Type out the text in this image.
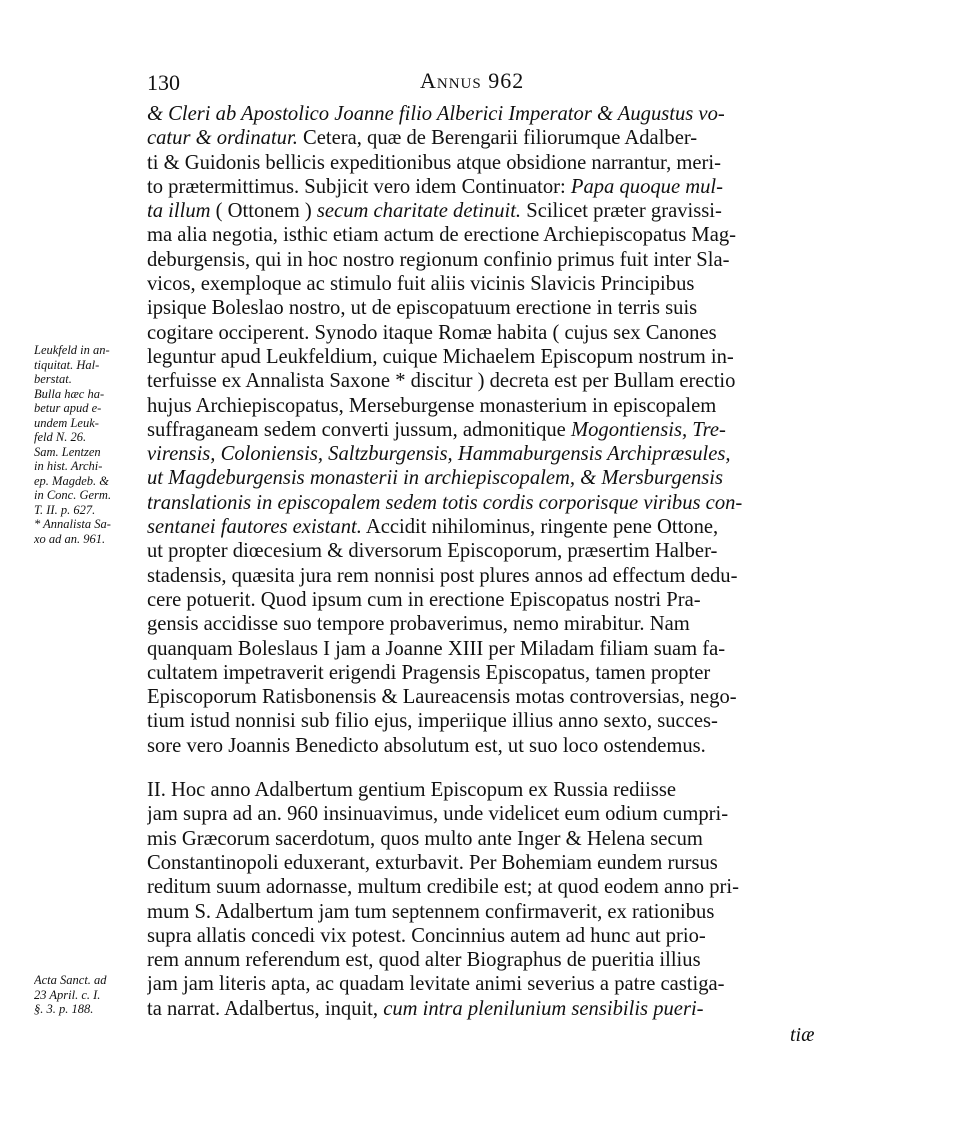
130	Annus 962
& Cleri ab Apostolico Joanne filio Alberici Imperator & Augustus vo-
catur & ordinatur. Cetera, quæ de Berengarii filiorumque Adalber-
ti & Guidonis bellicis expeditionibus atque obsidione narrantur, meri-
to prætermittimus. Subjicit vero idem Continuator: Papa quoque mul-
ta illum ( Ottonem ) secum charitate detinuit. Scilicet præter gravissi-
ma alia negotia, isthic etiam actum de erectione Archiepiscopatus Mag-
deburgensis, qui in hoc nostro regionum confinio primus fuit inter Sla-
vicos, exemploque ac stimulo fuit aliis vicinis Slavicis Principibus
ipsique Boleslao nostro, ut de episcopatuum erectione in terris suis
cogitare occiperent. Synodo itaque Romæ habita ( cujus sex Canones
leguntur apud Leukfeldium, cuique Michaelem Episcopum nostrum in-
terfuisse ex Annalista Saxone * discitur ) decreta est per Bullam erectio
hujus Archiepiscopatus, Merseburgense monasterium in episcopalem
suffraganeam sedem converti jussum, admonitique Mogontiensis, Tre-
virensis, Coloniensis, Saltzburgensis, Hammaburgensis Archipræsules,
ut Magdeburgensis monasterii in archiepiscopalem, & Mersburgensis
translationis in episcopalem sedem totis cordis corporisque viribus con-
sentanei fautores existant. Accidit nihilominus, ringente pene Ottone,
ut propter diœcesium & diversorum Episcoporum, præsertim Halber-
stadensis, quæsita jura rem nonnisi post plures annos ad effectum dedu-
cere potuerit. Quod ipsum cum in erectione Episcopatus nostri Pra-
gensis accidisse suo tempore probaverimus, nemo mirabitur. Nam
quanquam Boleslaus I jam a Joanne XIII per Miladam filiam suam fa-
cultatem impetraverit erigendi Pragensis Episcopatus, tamen propter
Episcoporum Ratisbonensis & Laureacensis motas controversias, nego-
tium istud nonnisi sub filio ejus, imperiique illius anno sexto, succes-
sore vero Joannis Benedicto absolutum est, ut suo loco ostendemus.
II. Hoc anno Adalbertum gentium Episcopum ex Russia rediisse
jam supra ad an. 960 insinuavimus, unde videlicet eum odium cumpri-
mis Græcorum sacerdotum, quos multo ante Inger & Helena secum
Constantinopoli eduxerant, exturbavit. Per Bohemiam eundem rursus
reditum suum adornasse, multum credibile est; at quod eodem anno pri-
mum S. Adalbertum jam tum septennem confirmaverit, ex rationibus
supra allatis concedi vix potest. Concinnius autem ad hunc aut prio-
rem annum referendum est, quod alter Biographus de pueritia illius
jam jam literis apta, ac quadam levitate animi severius a patre castiga-
ta narrat. Adalbertus, inquit, cum intra plenilunium sensibilis pueri-
Leukfeld in an-
tiquitat. Hal-
berstat.
Bulla hæc ha-
betur apud e-
undem Leuk-
feld N. 26.
Sam. Lentzen
in hist. Archi-
ep. Magdeb. &
in Conc. Germ.
T. II. p. 627.
* Annalista Sa-
xo ad an. 961.
Acta Sanct. ad
23 April. c. I.
§. 3. p. 188.
tiæ
